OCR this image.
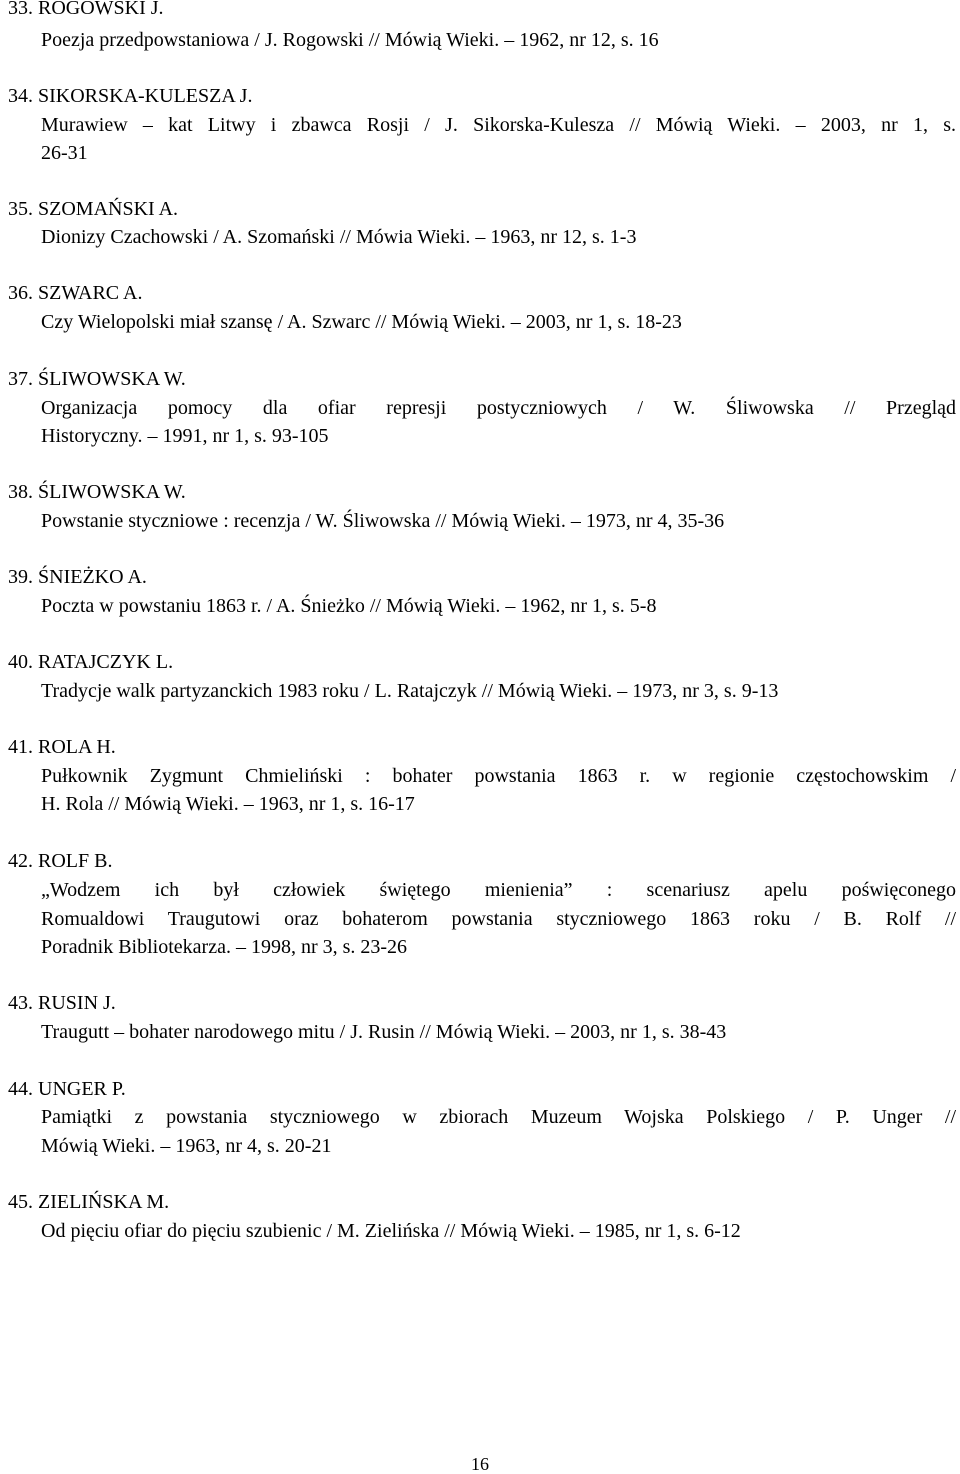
33. ROGOWSKI J.
Poezja przedpowstaniowa / J. Rogowski // Mówią Wieki. – 1962, nr 12, s. 16
34. SIKORSKA-KULESZA J.
Murawiew – kat Litwy i zbawca Rosji / J. Sikorska-Kulesza // Mówią Wieki. – 2003, nr 1, s.
26-31
35. SZOMAŃSKI A.
Dionizy Czachowski / A. Szomański // Mówia Wieki. – 1963, nr 12, s. 1-3
36. SZWARC A.
Czy Wielopolski miał szansę / A. Szwarc // Mówią Wieki. – 2003, nr 1, s. 18-23
37. ŚLIWOWSKA W.
Organizacja pomocy dla ofiar represji postyczniowych / W. Śliwowska // Przegląd
Historyczny. – 1991, nr 1, s. 93-105
38. ŚLIWOWSKA W.
Powstanie styczniowe : recenzja / W. Śliwowska // Mówią Wieki. – 1973, nr 4, 35-36
39. ŚNIEŻKO A.
Poczta w powstaniu 1863 r. / A. Śnieżko // Mówią Wieki. – 1962, nr 1, s. 5-8
40. RATAJCZYK L.
Tradycje walk partyzanckich 1983 roku / L. Ratajczyk // Mówią Wieki. – 1973, nr 3, s. 9-13
41. ROLA H.
Pułkownik Zygmunt Chmieliński : bohater powstania 1863 r. w regionie częstochowskim /
H. Rola // Mówią Wieki. – 1963, nr 1, s. 16-17
42. ROLF B.
„Wodzem ich był człowiek świętego mienienia” : scenariusz apelu poświęconego
Romualdowi Traugutowi oraz bohaterom powstania styczniowego 1863 roku / B. Rolf //
Poradnik Bibliotekarza. – 1998, nr 3, s. 23-26
43. RUSIN J.
Traugutt – bohater narodowego mitu / J. Rusin // Mówią Wieki. – 2003, nr 1, s. 38-43
44. UNGER P.
Pamiątki z powstania styczniowego w zbiorach Muzeum Wojska Polskiego / P. Unger //
Mówią Wieki. – 1963, nr 4, s. 20-21
45. ZIELIŃSKA M.
Od pięciu ofiar do pięciu szubienic / M. Zielińska // Mówią Wieki. – 1985, nr 1, s. 6-12
16
